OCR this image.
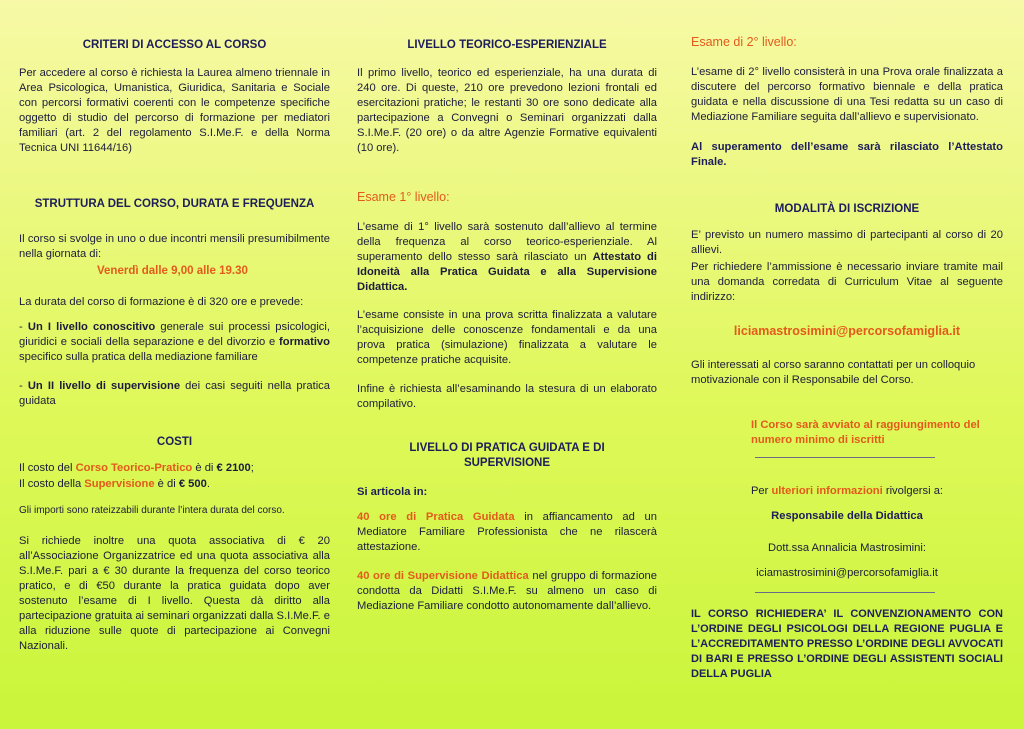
CRITERI DI ACCESSO AL CORSO

Per accedere al corso è richiesta la Laurea almeno triennale in Area Psicologica, Umanistica, Giuridica, Sanitaria e Sociale con percorsi formativi coerenti con le competenze specifiche oggetto di studio del percorso di formazione per mediatori familiari (art. 2 del regolamento S.I.Me.F. e della Norma Tecnica UNI 11644/16)

STRUTTURA DEL CORSO, DURATA E FREQUENZA

Il corso si svolge in uno o due incontri mensili presumibilmente nella giornata di:

Venerdì dalle 9,00 alle 19.30

La durata del corso di formazione è di 320 ore e prevede:

- Un I livello conoscitivo generale sui processi psicologici, giuridici e sociali della separazione e del divorzio e formativo specifico sulla pratica della mediazione familiare

- Un II livello di supervisione dei casi seguiti nella pratica guidata

COSTI

Il costo del Corso Teorico-Pratico è di € 2100;

Il costo della Supervisione è di € 500.

Gli importi sono rateizzabili durante l’intera durata del corso.

Si richiede inoltre una quota associativa di € 20 all’Associazione Organizzatrice ed una quota associativa alla S.I.Me.F. pari a € 30 durante la frequenza del corso teorico pratico, e di €50 durante la pratica guidata dopo aver sostenuto l’esame di I livello. Questa dà diritto alla partecipazione gratuita ai seminari organizzati dalla S.I.Me.F. e alla riduzione sulle quote di partecipazione ai Convegni Nazionali.

LIVELLO TEORICO-ESPERIENZIALE

Il primo livello, teorico ed esperienziale, ha una durata di 240 ore. Di queste, 210 ore prevedono lezioni frontali ed esercitazioni pratiche; le restanti 30 ore sono dedicate alla partecipazione a Convegni o Seminari organizzati dalla S.I.Me.F. (20 ore) o da altre Agenzie Formative equivalenti (10 ore).

Esame 1° livello:

L’esame di 1° livello sarà sostenuto dall’allievo al termine della frequenza al corso teorico-esperienziale. Al superamento dello stesso sarà rilasciato un Attestato di Idoneità alla Pratica Guidata e alla Supervisione Didattica.

L’esame consiste in una prova scritta finalizzata a valutare l’acquisizione delle conoscenze fondamentali e da una prova pratica (simulazione) finalizzata a valutare le competenze pratiche acquisite.

Infine è richiesta all’esaminando la stesura di un elaborato compilativo.

LIVELLO DI PRATICA GUIDATA E DI SUPERVISIONE

Si articola in:

40 ore di Pratica Guidata in affiancamento ad un Mediatore Familiare Professionista che ne rilascerà attestazione.

40 ore di Supervisione Didattica nel gruppo di formazione condotta da Didatti S.I.Me.F. su almeno un caso di Mediazione Familiare condotto autonomamente dall’allievo.

Esame di 2° livello:

L’esame di 2° livello consisterà in una Prova orale finalizzata a discutere del percorso formativo biennale e della pratica guidata e nella discussione di una Tesi redatta su un caso di Mediazione Familiare seguita dall’allievo e supervisionato.

Al superamento dell’esame sarà rilasciato l’Attestato Finale.

MODALITÀ DI ISCRIZIONE

E’ previsto un numero massimo di partecipanti al corso di 20 allievi.

Per richiedere l’ammissione è necessario inviare tramite mail una domanda corredata di Curriculum Vitae al seguente indirizzo:

liciamastrosimini@percorsofamiglia.it

Gli interessati al corso saranno contattati per un colloquio motivazionale con il Responsabile del Corso.

Il Corso sarà avviato al raggiungimento del numero minimo di iscritti

Per ulteriori informazioni rivolgersi a:

Responsabile della Didattica

Dott.ssa Annalicia Mastrosimini:

iciamastrosimini@percorsofamiglia.it

IL CORSO RICHIEDERA’ IL CONVENZIONAMENTO CON L’ORDINE DEGLI PSICOLOGI DELLA REGIONE PUGLIA E L’ACCREDITAMENTO PRESSO L’ORDINE DEGLI AVVOCATI DI BARI E PRESSO L’ORDINE DEGLI ASSISTENTI SOCIALI DELLA PUGLIA
